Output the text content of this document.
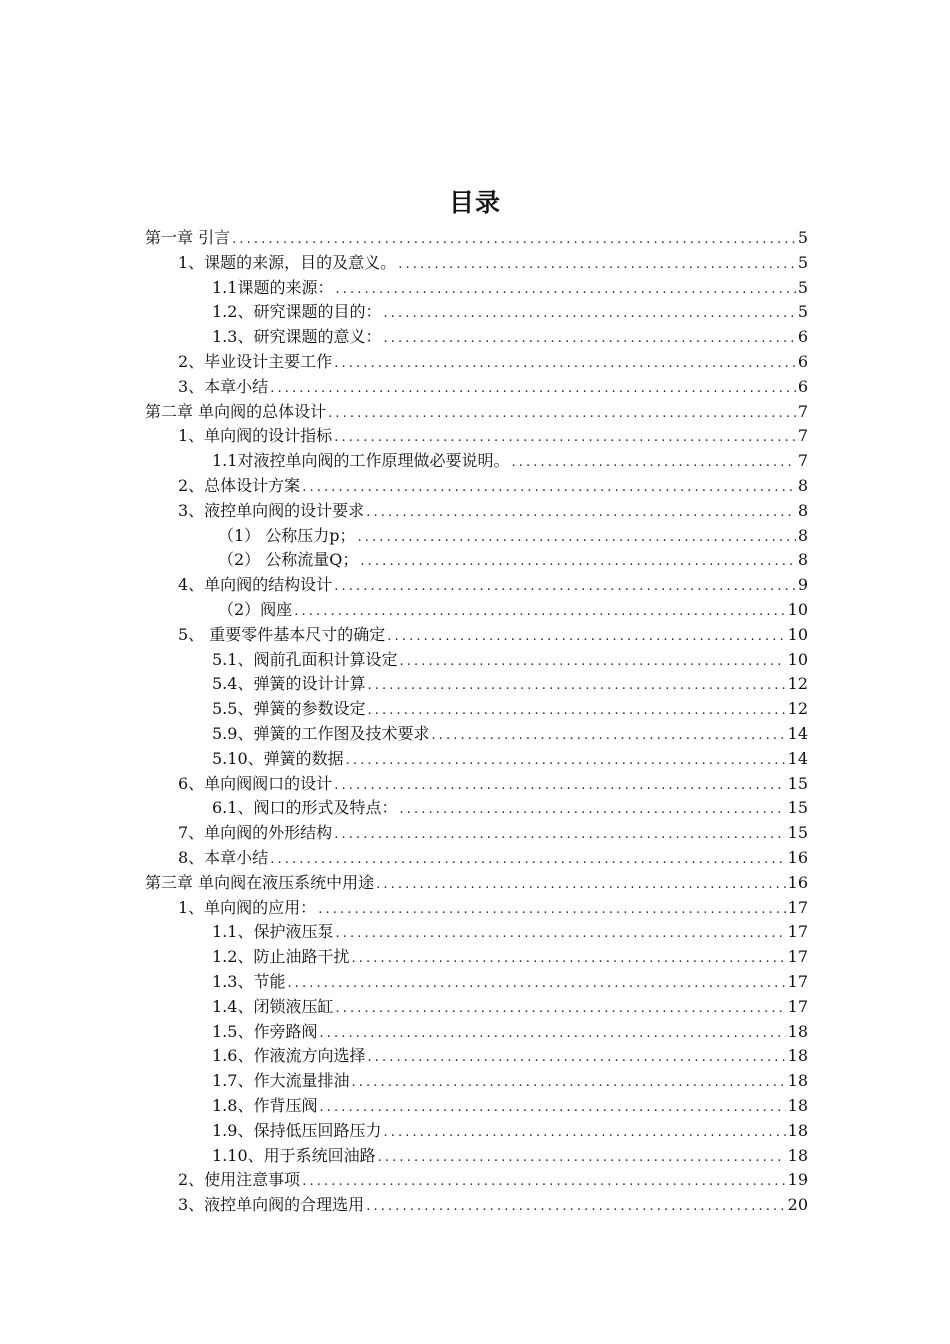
目录
第一章 引言 . . .	5
1、课题的来源，目的及意义。 . . .	5
1.1课题的来源： . . .	5
1.2、研究课题的目的： . . .	5
1.3、研究课题的意义： . . .	6
2、毕业设计主要工作 . . .	6
3、本章小结 . . .	6
第二章 单向阀的总体设计 . . .	7
1、单向阀的设计指标 . . .	7
1.1对液控单向阀的工作原理做必要说明。 . . .	7
2、总体设计方案 . . .	8
3、液控单向阀的设计要求 . . .	8
（1） 公称压力p； . . .	8
（2） 公称流量Q； . . .	8
4、单向阀的结构设计 . . .	9
（2）阀座 . . .	10
5、 重要零件基本尺寸的确定 . . .	10
5.1、阀前孔面积计算设定 . . .	10
5.4、弹簧的设计计算 . . .	12
5.5、弹簧的参数设定 . . .	12
5.9、弹簧的工作图及技术要求 . . .	14
5.10、弹簧的数据 . . .	14
6、单向阀阀口的设计 . . .	15
6.1、阀口的形式及特点： . . .	15
7、单向阀的外形结构 . . .	15
8、本章小结 . . .	16
第三章 单向阀在液压系统中用途 . . .	16
1、单向阀的应用： . . .	17
1.1、保护液压泵 . . .	17
1.2、防止油路干扰 . . .	17
1.3、节能 . . .	17
1.4、闭锁液压缸 . . .	17
1.5、作旁路阀 . . .	18
1.6、作液流方向选择 . . .	18
1.7、作大流量排油 . . .	18
1.8、作背压阀 . . .	18
1.9、保持低压回路压力 . . .	18
1.10、用于系统回油路 . . .	18
2、使用注意事项 . . .	19
3、液控单向阀的合理选用 . . .	20
